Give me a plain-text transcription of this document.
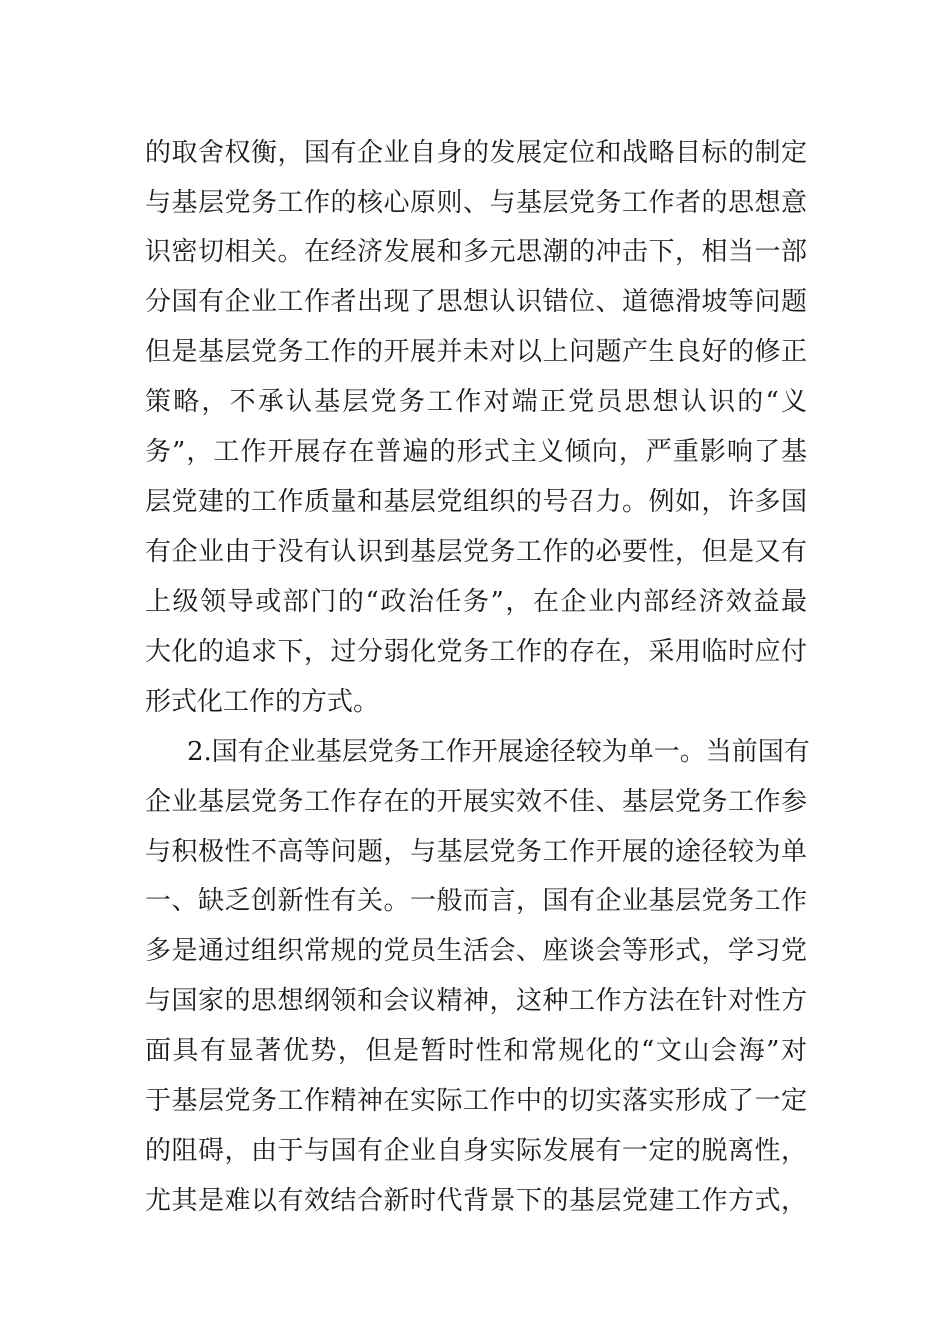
的取舍权衡，国有企业自身的发展定位和战略目标的制定
与基层党务工作的核心原则、与基层党务工作者的思想意
识密切相关。在经济发展和多元思潮的冲击下，相当一部
分国有企业工作者出现了思想认识错位、道德滑坡等问题
但是基层党务工作的开展并未对以上问题产生良好的修正
策略，不承认基层党务工作对端正党员思想认识的“义
务”，工作开展存在普遍的形式主义倾向，严重影响了基
层党建的工作质量和基层党组织的号召力。例如，许多国
有企业由于没有认识到基层党务工作的必要性，但是又有
上级领导或部门的“政治任务”，在企业内部经济效益最
大化的追求下，过分弱化党务工作的存在，采用临时应付
形式化工作的方式。
2.国有企业基层党务工作开展途径较为单一。当前国有
企业基层党务工作存在的开展实效不佳、基层党务工作参
与积极性不高等问题，与基层党务工作开展的途径较为单
一、缺乏创新性有关。一般而言，国有企业基层党务工作
多是通过组织常规的党员生活会、座谈会等形式，学习党
与国家的思想纲领和会议精神，这种工作方法在针对性方
面具有显著优势，但是暂时性和常规化的“文山会海”对
于基层党务工作精神在实际工作中的切实落实形成了一定
的阻碍，由于与国有企业自身实际发展有一定的脱离性，
尤其是难以有效结合新时代背景下的基层党建工作方式，
